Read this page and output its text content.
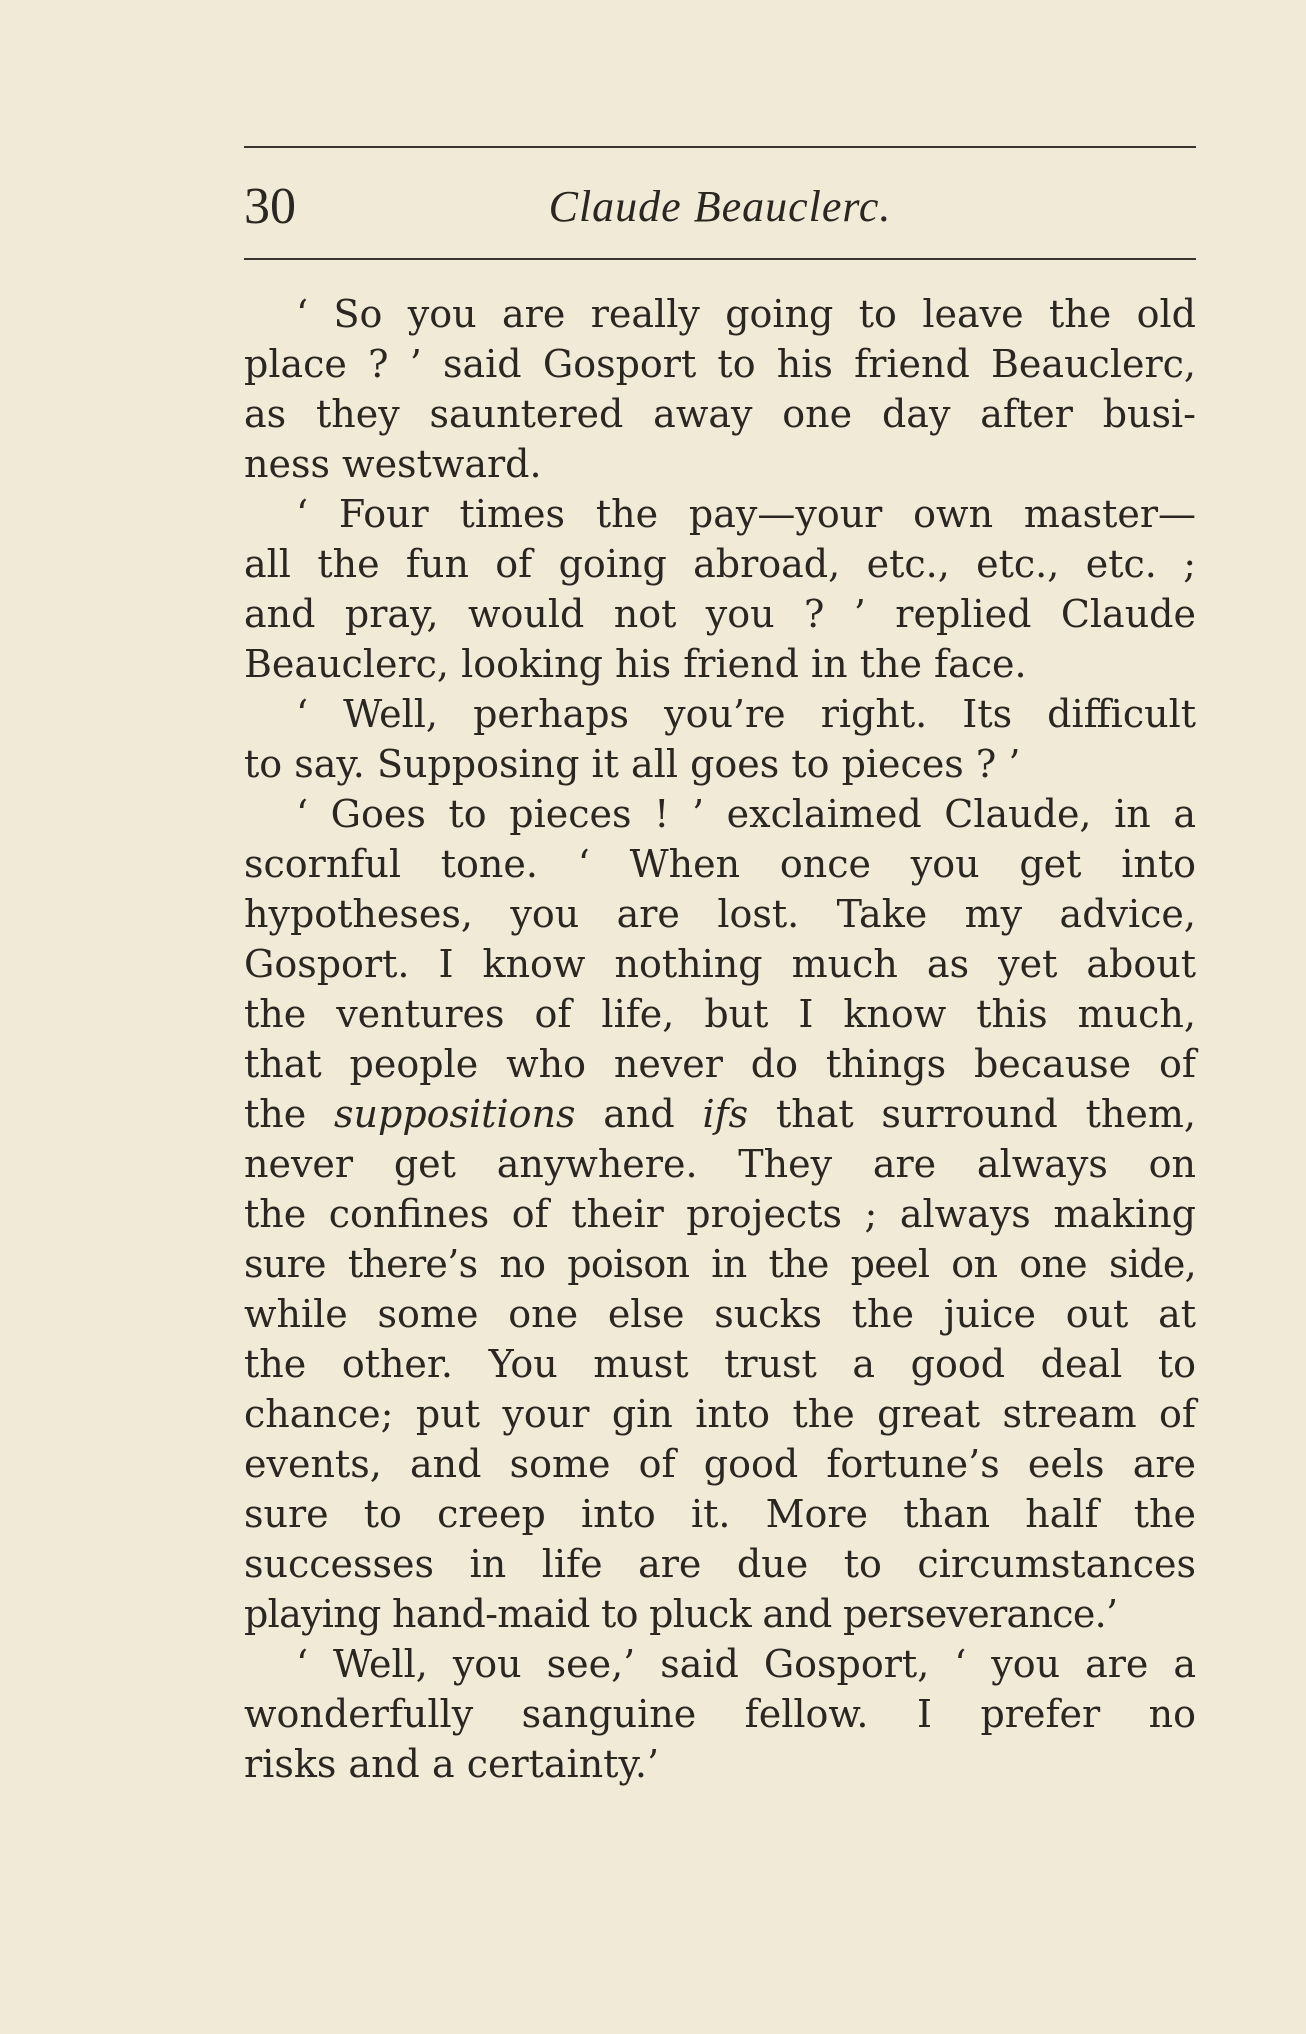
30	Claude Beauclerc.
‘ So you are really going to leave the old
place ? ’ said Gosport to his friend Beauclerc,
as they sauntered away one day after busi-
ness westward.
‘ Four times the pay—your own master—
all the fun of going abroad, etc., etc., etc. ;
and pray, would not you ? ’ replied Claude
Beauclerc, looking his friend in the face.
‘ Well, perhaps you’re right. Its difficult
to say. Supposing it all goes to pieces ? ’
‘ Goes to pieces ! ’ exclaimed Claude, in a
scornful tone. ‘ When once you get into
hypotheses, you are lost. Take my advice,
Gosport. I know nothing much as yet about
the ventures of life, but I know this much,
that people who never do things because of
the suppositions and ifs that surround them,
never get anywhere. They are always on
the confines of their projects ; always making
sure there’s no poison in the peel on one side,
while some one else sucks the juice out at
the other. You must trust a good deal to
chance; put your gin into the great stream of
events, and some of good fortune’s eels are
sure to creep into it. More than half the
successes in life are due to circumstances
playing hand-maid to pluck and perseverance.’
‘ Well, you see,’ said Gosport, ‘ you are a
wonderfully sanguine fellow. I prefer no
risks and a certainty.’
